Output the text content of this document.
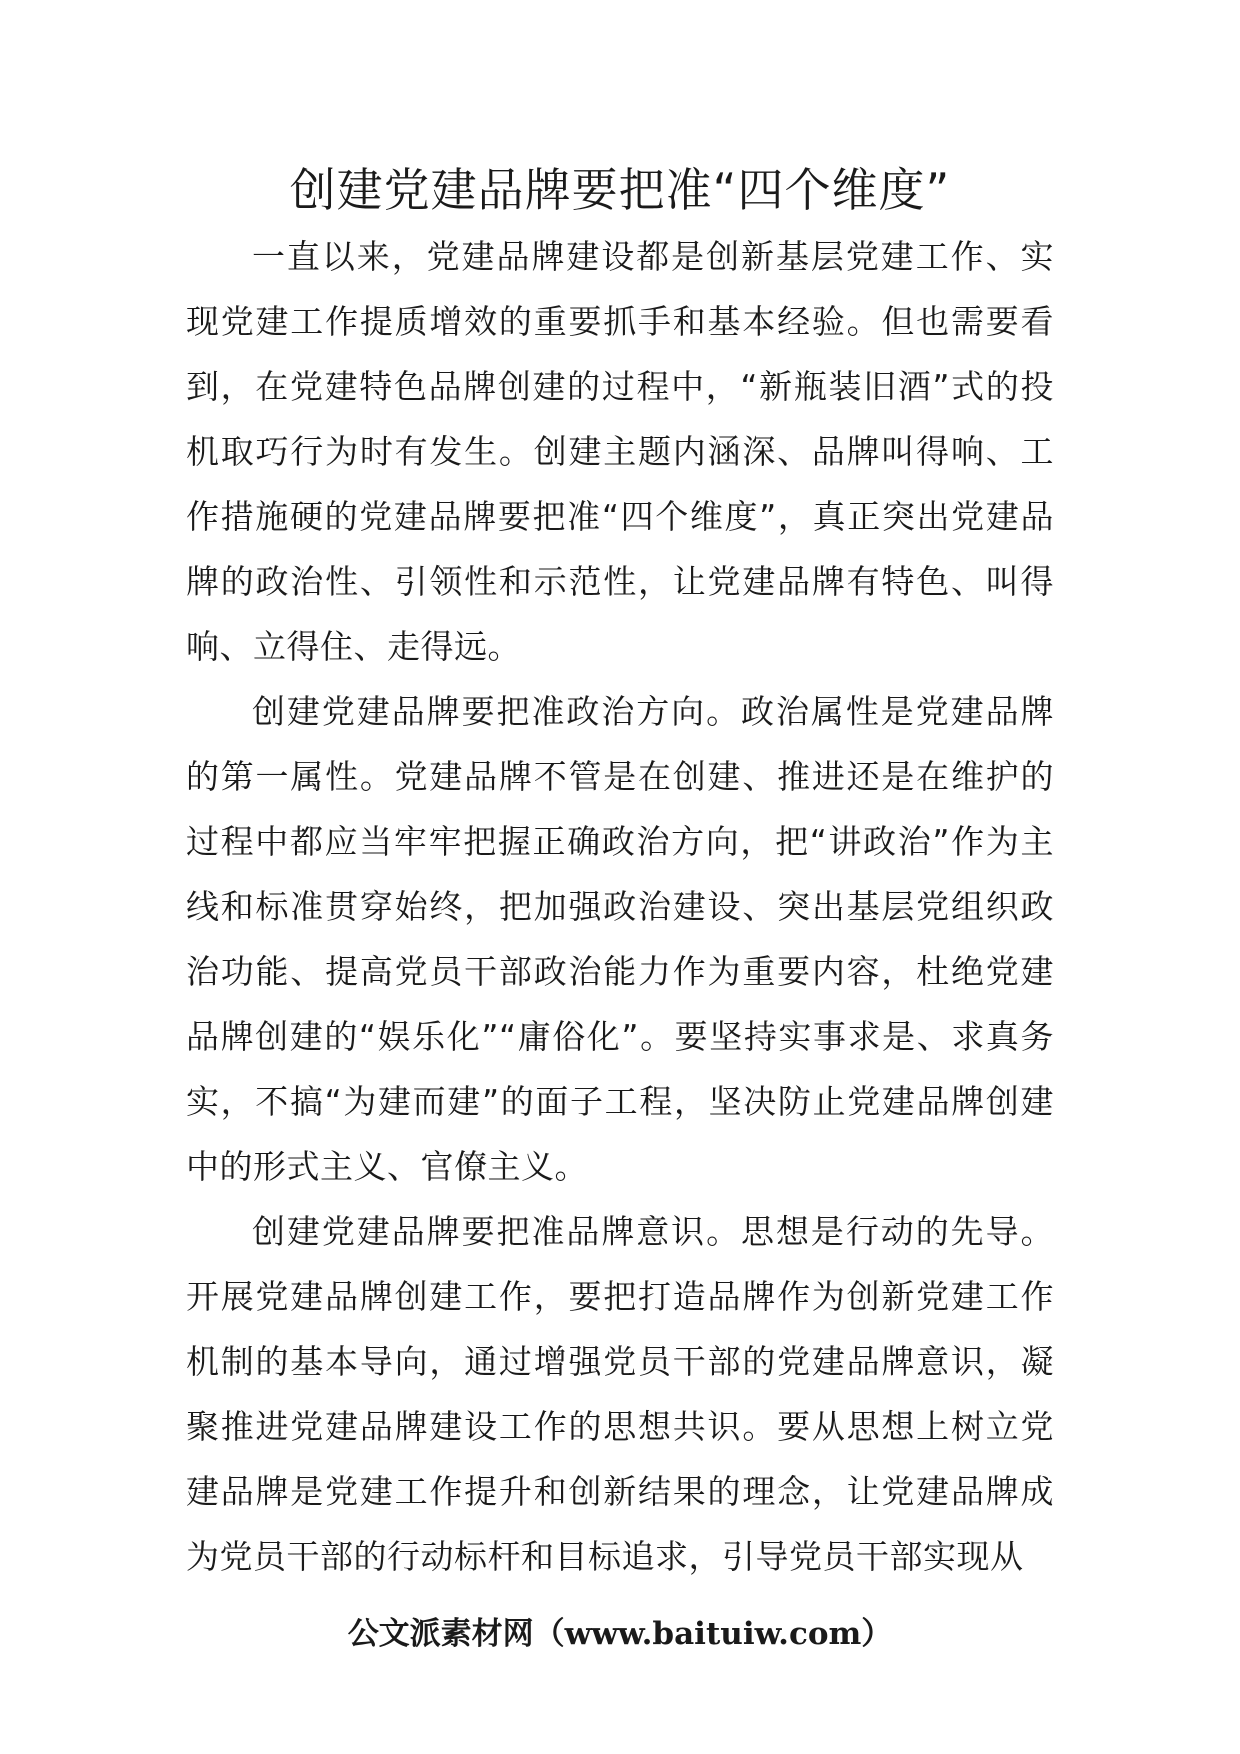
创建党建品牌要把准“四个维度”

一直以来，党建品牌建设都是创新基层党建工作、实现党建工作提质增效的重要抓手和基本经验。但也需要看到，在党建特色品牌创建的过程中，“新瓶装旧酒”式的投机取巧行为时有发生。创建主题内涵深、品牌叫得响、工作措施硬的党建品牌要把准“四个维度”，真正突出党建品牌的政治性、引领性和示范性，让党建品牌有特色、叫得响、立得住、走得远。

创建党建品牌要把准政治方向。政治属性是党建品牌的第一属性。党建品牌不管是在创建、推进还是在维护的过程中都应当牢牢把握正确政治方向，把“讲政治”作为主线和标准贯穿始终，把加强政治建设、突出基层党组织政治功能、提高党员干部政治能力作为重要内容，杜绝党建品牌创建的“娱乐化”“庸俗化”。要坚持实事求是、求真务实，不搞“为建而建”的面子工程，坚决防止党建品牌创建中的形式主义、官僚主义。

创建党建品牌要把准品牌意识。思想是行动的先导。开展党建品牌创建工作，要把打造品牌作为创新党建工作机制的基本导向，通过增强党员干部的党建品牌意识，凝聚推进党建品牌建设工作的思想共识。要从思想上树立党建品牌是党建工作提升和创新结果的理念，让党建品牌成为党员干部的行动标杆和目标追求，引导党员干部实现从

公文派素材网（www.baituiw.com）
